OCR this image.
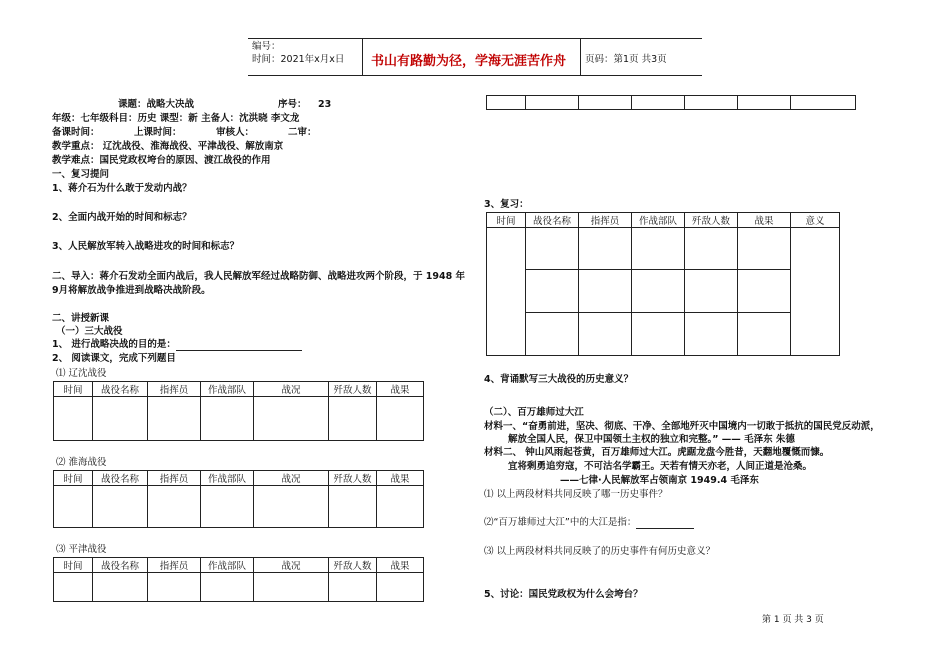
编号：
时间：2021年x月x日 书山有路勤为径，学海无涯苦作舟 页码：第1页 共3页
课题：战略大决战	序号： 23
年级：七年级科目：历史 课型：新 主备人：沈洪晓 李文龙
备课时间：	上课时间：	审核人：	二审：
教学重点： 辽沈战役、淮海战役、平津战役、解放南京
教学难点：国民党政权垮台的原因、渡江战役的作用
一、复习提问
1、蒋介石为什么敢于发动内战？
2、全面内战开始的时间和标志？
3、人民解放军转入战略进攻的时间和标志？
二、导入：蒋介石发动全面内战后，我人民解放军经过战略防御、战略进攻两个阶段，于 1948 年
9月将解放战争推进到战略决战阶段。
二、讲授新课
（一）三大战役
1、 进行战略决战的目的是：
2、 阅读课文，完成下列题目
⑴ 辽沈战役
时间	战役名称	指挥员	作战部队	战况	歼敌人数	战果

⑵ 淮海战役
时间	战役名称	指挥员	作战部队	战况	歼敌人数	战果

⑶ 平津战役
时间	战役名称	指挥员	作战部队	战况	歼敌人数	战果

3、复习：
时间	战役名称	指挥员	作战部队	歼敌人数	战果	意义

4、背诵默写三大战役的历史意义？
（二）、百万雄师过大江
材料一、“奋勇前进，坚决、彻底、干净、全部地歼灭中国境内一切敢于抵抗的国民党反动派，
解放全国人民，保卫中国领土主权的独立和完整。” —— 毛泽东 朱德
材料二、 钟山风雨起苍黄，百万雄师过大江。虎踞龙盘今胜昔，天翻地覆慨而慷。
宜将剩勇追穷寇，不可沽名学霸王。天若有情天亦老，人间正道是沧桑。
——七律·人民解放军占领南京 1949.4 毛泽东
⑴ 以上两段材料共同反映了哪一历史事件？
⑵“百万雄师过大江”中的大江是指：
⑶ 以上两段材料共同反映了的历史事件有何历史意义？
5、讨论：国民党政权为什么会垮台？
第 1 页 共 3 页
